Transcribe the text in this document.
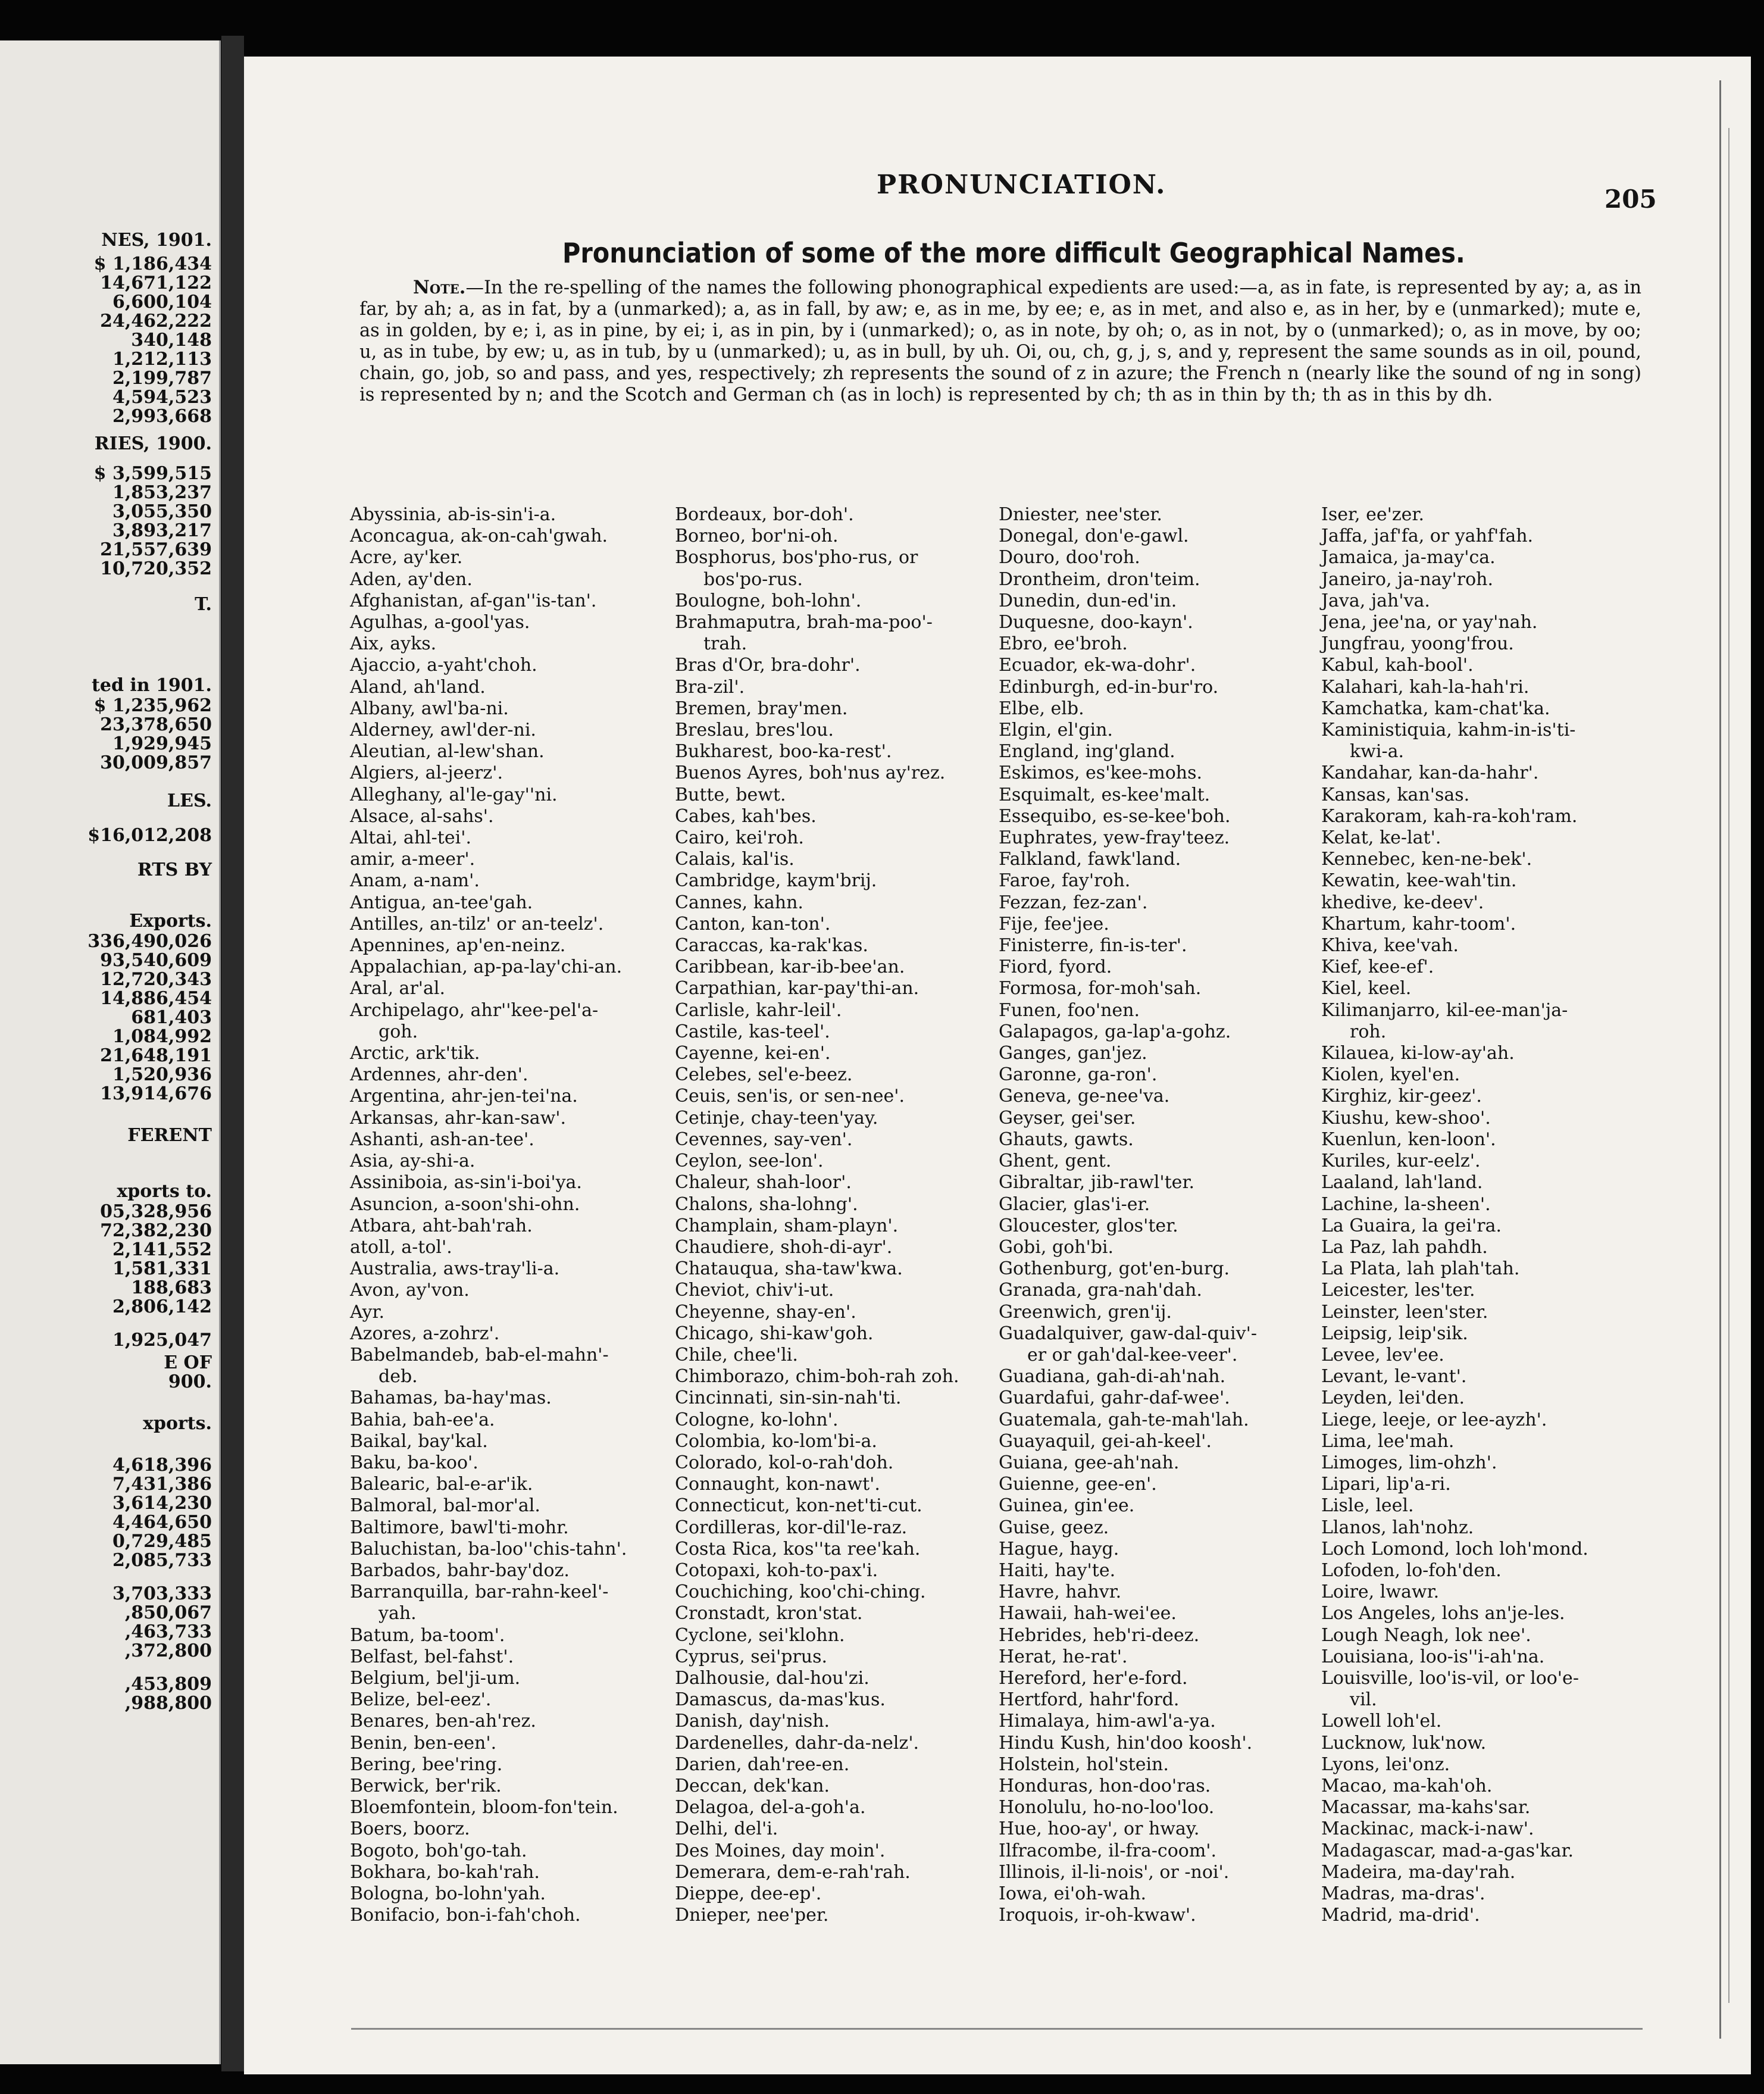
NES, 1901.
$ 1,186,434
14,671,122
6,600,104
24,462,222
340,148
1,212,113
2,199,787
4,594,523
2,993,668
RIES, 1900.
$ 3,599,515
1,853,237
3,055,350
3,893,217
21,557,639
10,720,352
T.
ted in 1901.
$ 1,235,962
23,378,650
1,929,945
30,009,857
LES.
$16,012,208
RTS BY
Exports.
336,490,026
93,540,609
12,720,343
14,886,454
681,403
1,084,992
21,648,191
1,520,936
13,914,676
FERENT
xports to.
05,328,956
72,382,230
2,141,552
1,581,331
188,683
2,806,142
1,925,047
E OF
900.
xports.
4,618,396
7,431,386
3,614,230
4,464,650
0,729,485
2,085,733
3,703,333
,850,067
,463,733
,372,800
,453,809
,988,800
PRONUNCIATION.	205
Pronunciation of some of the more difficult Geographical Names.
Note.—In the re-spelling of the names the following phonographical expedients are used:—a, as in fate, is represented by ay; a, as in far, by ah; a, as in fat, by a (unmarked); a, as in fall, by aw; e, as in me, by ee; e, as in met, and also e, as in her, by e (unmarked); mute e, as in golden, by e; i, as in pine, by ei; i, as in pin, by i (unmarked); o, as in note, by oh; o, as in not, by o (unmarked); o, as in move, by oo; u, as in tube, by ew; u, as in tub, by u (unmarked); u, as in bull, by uh. Oi, ou, ch, g, j, s, and y, represent the same sounds as in oil, pound, chain, go, job, so and pass, and yes, respectively; zh represents the sound of z in azure; the French n (nearly like the sound of ng in song) is represented by n; and the Scotch and German ch (as in loch) is represented by ch; th as in thin by th; th as in this by dh.
Abyssinia, ab-is-sin'i-a.
Aconcagua, ak-on-cah'gwah.
Acre, ay'ker.
Aden, ay'den.
Afghanistan, af-gan''is-tan'.
Agulhas, a-gool'yas.
Aix, ayks.
Ajaccio, a-yaht'choh.
Aland, ah'land.
Albany, awl'ba-ni.
Alderney, awl'der-ni.
Aleutian, al-lew'shan.
Algiers, al-jeerz'.
Alleghany, al'le-gay''ni.
Alsace, al-sahs'.
Altai, ahl-tei'.
amir, a-meer'.
Anam, a-nam'.
Antigua, an-tee'gah.
Antilles, an-tilz' or an-teelz'.
Apennines, ap'en-neinz.
Appalachian, ap-pa-lay'chi-an.
Aral, ar'al.
Archipelago, ahr''kee-pel'a-
goh.
Arctic, ark'tik.
Ardennes, ahr-den'.
Argentina, ahr-jen-tei'na.
Arkansas, ahr-kan-saw'.
Ashanti, ash-an-tee'.
Asia, ay-shi-a.
Assiniboia, as-sin'i-boi'ya.
Asuncion, a-soon'shi-ohn.
Atbara, aht-bah'rah.
atoll, a-tol'.
Australia, aws-tray'li-a.
Avon, ay'von.
Ayr.
Azores, a-zohrz'.
Babelmandeb, bab-el-mahn'-
deb.
Bahamas, ba-hay'mas.
Bahia, bah-ee'a.
Baikal, bay'kal.
Baku, ba-koo'.
Balearic, bal-e-ar'ik.
Balmoral, bal-mor'al.
Baltimore, bawl'ti-mohr.
Baluchistan, ba-loo''chis-tahn'.
Barbados, bahr-bay'doz.
Barranquilla, bar-rahn-keel'-
yah.
Batum, ba-toom'.
Belfast, bel-fahst'.
Belgium, bel'ji-um.
Belize, bel-eez'.
Benares, ben-ah'rez.
Benin, ben-een'.
Bering, bee'ring.
Berwick, ber'rik.
Bloemfontein, bloom-fon'tein.
Boers, boorz.
Bogoto, boh'go-tah.
Bokhara, bo-kah'rah.
Bologna, bo-lohn'yah.
Bonifacio, bon-i-fah'choh.
Bordeaux, bor-doh'.
Borneo, bor'ni-oh.
Bosphorus, bos'pho-rus, or
bos'po-rus.
Boulogne, boh-lohn'.
Brahmaputra, brah-ma-poo'-
trah.
Bras d'Or, bra-dohr'.
Bra-zil'.
Bremen, bray'men.
Breslau, bres'lou.
Bukharest, boo-ka-rest'.
Buenos Ayres, boh'nus ay'rez.
Butte, bewt.
Cabes, kah'bes.
Cairo, kei'roh.
Calais, kal'is.
Cambridge, kaym'brij.
Cannes, kahn.
Canton, kan-ton'.
Caraccas, ka-rak'kas.
Caribbean, kar-ib-bee'an.
Carpathian, kar-pay'thi-an.
Carlisle, kahr-leil'.
Castile, kas-teel'.
Cayenne, kei-en'.
Celebes, sel'e-beez.
Ceuis, sen'is, or sen-nee'.
Cetinje, chay-teen'yay.
Cevennes, say-ven'.
Ceylon, see-lon'.
Chaleur, shah-loor'.
Chalons, sha-lohng'.
Champlain, sham-playn'.
Chaudiere, shoh-di-ayr'.
Chatauqua, sha-taw'kwa.
Cheviot, chiv'i-ut.
Cheyenne, shay-en'.
Chicago, shi-kaw'goh.
Chile, chee'li.
Chimborazo, chim-boh-rah zoh.
Cincinnati, sin-sin-nah'ti.
Cologne, ko-lohn'.
Colombia, ko-lom'bi-a.
Colorado, kol-o-rah'doh.
Connaught, kon-nawt'.
Connecticut, kon-net'ti-cut.
Cordilleras, kor-dil'le-raz.
Costa Rica, kos''ta ree'kah.
Cotopaxi, koh-to-pax'i.
Couchiching, koo'chi-ching.
Cronstadt, kron'stat.
Cyclone, sei'klohn.
Cyprus, sei'prus.
Dalhousie, dal-hou'zi.
Damascus, da-mas'kus.
Danish, day'nish.
Dardenelles, dahr-da-nelz'.
Darien, dah'ree-en.
Deccan, dek'kan.
Delagoa, del-a-goh'a.
Delhi, del'i.
Des Moines, day moin'.
Demerara, dem-e-rah'rah.
Dieppe, dee-ep'.
Dnieper, nee'per.
Dniester, nee'ster.
Donegal, don'e-gawl.
Douro, doo'roh.
Drontheim, dron'teim.
Dunedin, dun-ed'in.
Duquesne, doo-kayn'.
Ebro, ee'broh.
Ecuador, ek-wa-dohr'.
Edinburgh, ed-in-bur'ro.
Elbe, elb.
Elgin, el'gin.
England, ing'gland.
Eskimos, es'kee-mohs.
Esquimalt, es-kee'malt.
Essequibo, es-se-kee'boh.
Euphrates, yew-fray'teez.
Falkland, fawk'land.
Faroe, fay'roh.
Fezzan, fez-zan'.
Fije, fee'jee.
Finisterre, fin-is-ter'.
Fiord, fyord.
Formosa, for-moh'sah.
Funen, foo'nen.
Galapagos, ga-lap'a-gohz.
Ganges, gan'jez.
Garonne, ga-ron'.
Geneva, ge-nee'va.
Geyser, gei'ser.
Ghauts, gawts.
Ghent, gent.
Gibraltar, jib-rawl'ter.
Glacier, glas'i-er.
Gloucester, glos'ter.
Gobi, goh'bi.
Gothenburg, got'en-burg.
Granada, gra-nah'dah.
Greenwich, gren'ij.
Guadalquiver, gaw-dal-quiv'-
er or gah'dal-kee-veer'.
Guadiana, gah-di-ah'nah.
Guardafui, gahr-daf-wee'.
Guatemala, gah-te-mah'lah.
Guayaquil, gei-ah-keel'.
Guiana, gee-ah'nah.
Guienne, gee-en'.
Guinea, gin'ee.
Guise, geez.
Hague, hayg.
Haiti, hay'te.
Havre, hahvr.
Hawaii, hah-wei'ee.
Hebrides, heb'ri-deez.
Herat, he-rat'.
Hereford, her'e-ford.
Hertford, hahr'ford.
Himalaya, him-awl'a-ya.
Hindu Kush, hin'doo koosh'.
Holstein, hol'stein.
Honduras, hon-doo'ras.
Honolulu, ho-no-loo'loo.
Hue, hoo-ay', or hway.
Ilfracombe, il-fra-coom'.
Illinois, il-li-nois', or -noi'.
Iowa, ei'oh-wah.
Iroquois, ir-oh-kwaw'.
Iser, ee'zer.
Jaffa, jaf'fa, or yahf'fah.
Jamaica, ja-may'ca.
Janeiro, ja-nay'roh.
Java, jah'va.
Jena, jee'na, or yay'nah.
Jungfrau, yoong'frou.
Kabul, kah-bool'.
Kalahari, kah-la-hah'ri.
Kamchatka, kam-chat'ka.
Kaministiquia, kahm-in-is'ti-
kwi-a.
Kandahar, kan-da-hahr'.
Kansas, kan'sas.
Karakoram, kah-ra-koh'ram.
Kelat, ke-lat'.
Kennebec, ken-ne-bek'.
Kewatin, kee-wah'tin.
khedive, ke-deev'.
Khartum, kahr-toom'.
Khiva, kee'vah.
Kief, kee-ef'.
Kiel, keel.
Kilimanjarro, kil-ee-man'ja-
roh.
Kilauea, ki-low-ay'ah.
Kiolen, kyel'en.
Kirghiz, kir-geez'.
Kiushu, kew-shoo'.
Kuenlun, ken-loon'.
Kuriles, kur-eelz'.
Laaland, lah'land.
Lachine, la-sheen'.
La Guaira, la gei'ra.
La Paz, lah pahdh.
La Plata, lah plah'tah.
Leicester, les'ter.
Leinster, leen'ster.
Leipsig, leip'sik.
Levee, lev'ee.
Levant, le-vant'.
Leyden, lei'den.
Liege, leeje, or lee-ayzh'.
Lima, lee'mah.
Limoges, lim-ohzh'.
Lipari, lip'a-ri.
Lisle, leel.
Llanos, lah'nohz.
Loch Lomond, loch loh'mond.
Lofoden, lo-foh'den.
Loire, lwawr.
Los Angeles, lohs an'je-les.
Lough Neagh, lok nee'.
Louisiana, loo-is''i-ah'na.
Louisville, loo'is-vil, or loo'e-
vil.
Lowell loh'el.
Lucknow, luk'now.
Lyons, lei'onz.
Macao, ma-kah'oh.
Macassar, ma-kahs'sar.
Mackinac, mack-i-naw'.
Madagascar, mad-a-gas'kar.
Madeira, ma-day'rah.
Madras, ma-dras'.
Madrid, ma-drid'.
